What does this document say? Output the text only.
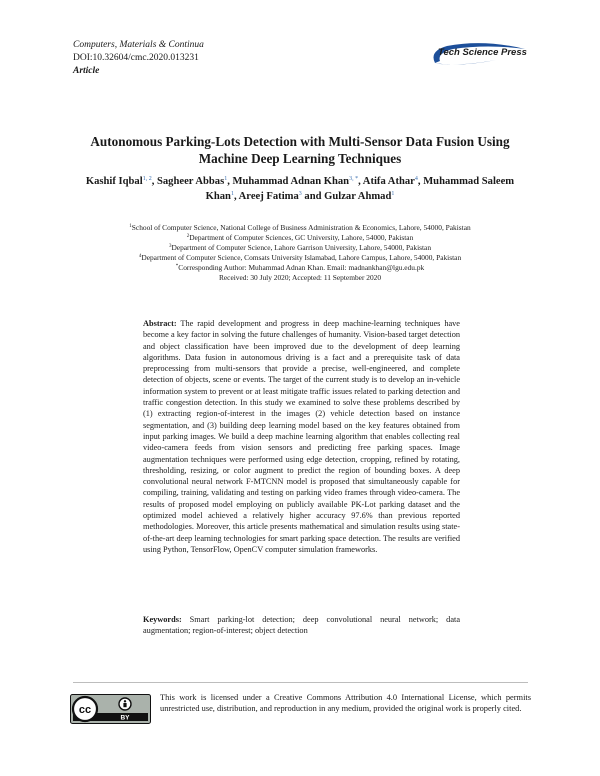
Computers, Materials & Continua
DOI:10.32604/cmc.2020.013231
Article
Tech Science Press
Autonomous Parking-Lots Detection with Multi-Sensor Data Fusion Using
Machine Deep Learning Techniques
Kashif Iqbal$^{1, 2}$, Sagheer Abbas$^1$, Muhammad Adnan Khan$^{3, *}$, Atifa Athar$^4$, Muhammad Saleem Khan$^1$, Areej Fatima$^3$ and Gulzar Ahmad$^1$
$^1$School of Computer Science, National College of Business Administration & Economics, Lahore, 54000, Pakistan
$^2$Department of Computer Sciences, GC University, Lahore, 54000, Pakistan
$^3$Department of Computer Science, Lahore Garrison University, Lahore, 54000, Pakistan
$^4$Department of Computer Science, Comsats University Islamabad, Lahore Campus, Lahore, 54000, Pakistan
*Corresponding Author: Muhammad Adnan Khan. Email: madnankhan@lgu.edu.pk
Received: 30 July 2020; Accepted: 11 September 2020
Abstract: The rapid development and progress in deep machine-learning techniques have become a key factor in solving the future challenges of humanity. Vision-based target detection and object classification have been improved due to the development of deep learning algorithms. Data fusion in autonomous driving is a fact and a prerequisite task of data preprocessing from multi-sensors that provide a precise, well-engineered, and complete detection of objects, scene or events. The target of the current study is to develop an in-vehicle information system to prevent or at least mitigate traffic issues related to parking detection and traffic congestion detection. In this study we examined to solve these problems described by (1) extracting region-of-interest in the images (2) vehicle detection based on instance segmentation, and (3) building deep learning model based on the key features obtained from input parking images. We build a deep machine learning algorithm that enables collecting real video-camera feeds from vision sensors and predicting free parking spaces. Image augmentation techniques were performed using edge detection, cropping, refined by rotating, thresholding, resizing, or color augment to predict the region of bounding boxes. A deep convolutional neural network F-MTCNN model is proposed that simultaneously capable for compiling, training, validating and testing on parking video frames through video-camera. The results of proposed model employing on publicly available PK-Lot parking dataset and the optimized model achieved a relatively higher accuracy 97.6% than previous reported methodologies. Moreover, this article presents mathematical and simulation results using state-of-the-art deep learning technologies for smart parking space detection. The results are verified using Python, TensorFlow, OpenCV computer simulation frameworks.
Keywords: Smart parking-lot detection; deep convolutional neural network; data augmentation; region-of-interest; object detection
cc
BY
This work is licensed under a Creative Commons Attribution 4.0 International License, which permits unrestricted use, distribution, and reproduction in any medium, provided the original work is properly cited.
